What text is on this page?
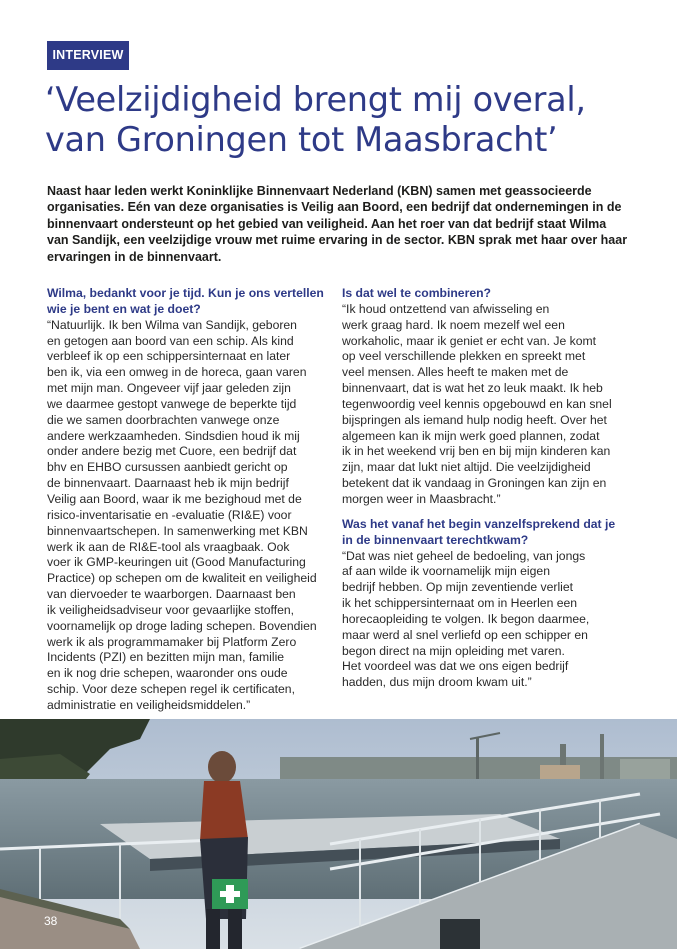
INTERVIEW
‘Veelzijdigheid brengt mij overal,
van Groningen tot Maasbracht’
Naast haar leden werkt Koninklijke Binnenvaart Nederland (KBN) samen met geassocieerde
organisaties. Eén van deze organisaties is Veilig aan Boord, een bedrijf dat ondernemingen in de
binnenvaart ondersteunt op het gebied van veiligheid. Aan het roer van dat bedrijf staat Wilma
van Sandijk, een veelzijdige vrouw met ruime ervaring in de sector. KBN sprak met haar over haar
ervaringen in de binnenvaart.
Wilma, bedankt voor je tijd. Kun je ons vertellen
wie je bent en wat je doet?
“Natuurlijk. Ik ben Wilma van Sandijk, geboren
en getogen aan boord van een schip. Als kind
verbleef ik op een schippersinternaat en later
ben ik, via een omweg in de horeca, gaan varen
met mijn man. Ongeveer vijf jaar geleden zijn
we daarmee gestopt vanwege de beperkte tijd
die we samen doorbrachten vanwege onze
andere werkzaamheden. Sindsdien houd ik mij
onder andere bezig met Cuore, een bedrijf dat
bhv en EHBO cursussen aanbiedt gericht op
de binnenvaart. Daarnaast heb ik mijn bedrijf
Veilig aan Boord, waar ik me bezighoud met de
risico-inventarisatie en -evaluatie (RI&E) voor
binnenvaartschepen. In samenwerking met KBN
werk ik aan de RI&E-tool als vraagbaak. Ook
voer ik GMP-keuringen uit (Good Manufacturing
Practice) op schepen om de kwaliteit en veiligheid
van diervoeder te waarborgen. Daarnaast ben
ik veiligheidsadviseur voor gevaarlijke stoffen,
voornamelijk op droge lading schepen. Bovendien
werk ik als programmamaker bij Platform Zero
Incidents (PZI) en bezitten mijn man, familie
en ik nog drie schepen, waaronder ons oude
schip. Voor deze schepen regel ik certificaten,
administratie en veiligheidsmiddelen.”
Is dat wel te combineren?
“Ik houd ontzettend van afwisseling en
werk graag hard. Ik noem mezelf wel een
workaholic, maar ik geniet er echt van. Je komt
op veel verschillende plekken en spreekt met
veel mensen. Alles heeft te maken met de
binnenvaart, dat is wat het zo leuk maakt. Ik heb
tegenwoordig veel kennis opgebouwd en kan snel
bijspringen als iemand hulp nodig heeft. Over het
algemeen kan ik mijn werk goed plannen, zodat
ik in het weekend vrij ben en bij mijn kinderen kan
zijn, maar dat lukt niet altijd. Die veelzijdigheid
betekent dat ik vandaag in Groningen kan zijn en
morgen weer in Maasbracht.”
Was het vanaf het begin vanzelfsprekend dat je
in de binnenvaart terechtkwam?
“Dat was niet geheel de bedoeling, van jongs
af aan wilde ik voornamelijk mijn eigen
bedrijf hebben. Op mijn zeventiende verliet
ik het schippersinternaat om in Heerlen een
horecaopleiding te volgen. Ik begon daarmee,
maar werd al snel verliefd op een schipper en
begon direct na mijn opleiding met varen.
Het voordeel was dat we ons eigen bedrijf
hadden, dus mijn droom kwam uit.”
38
